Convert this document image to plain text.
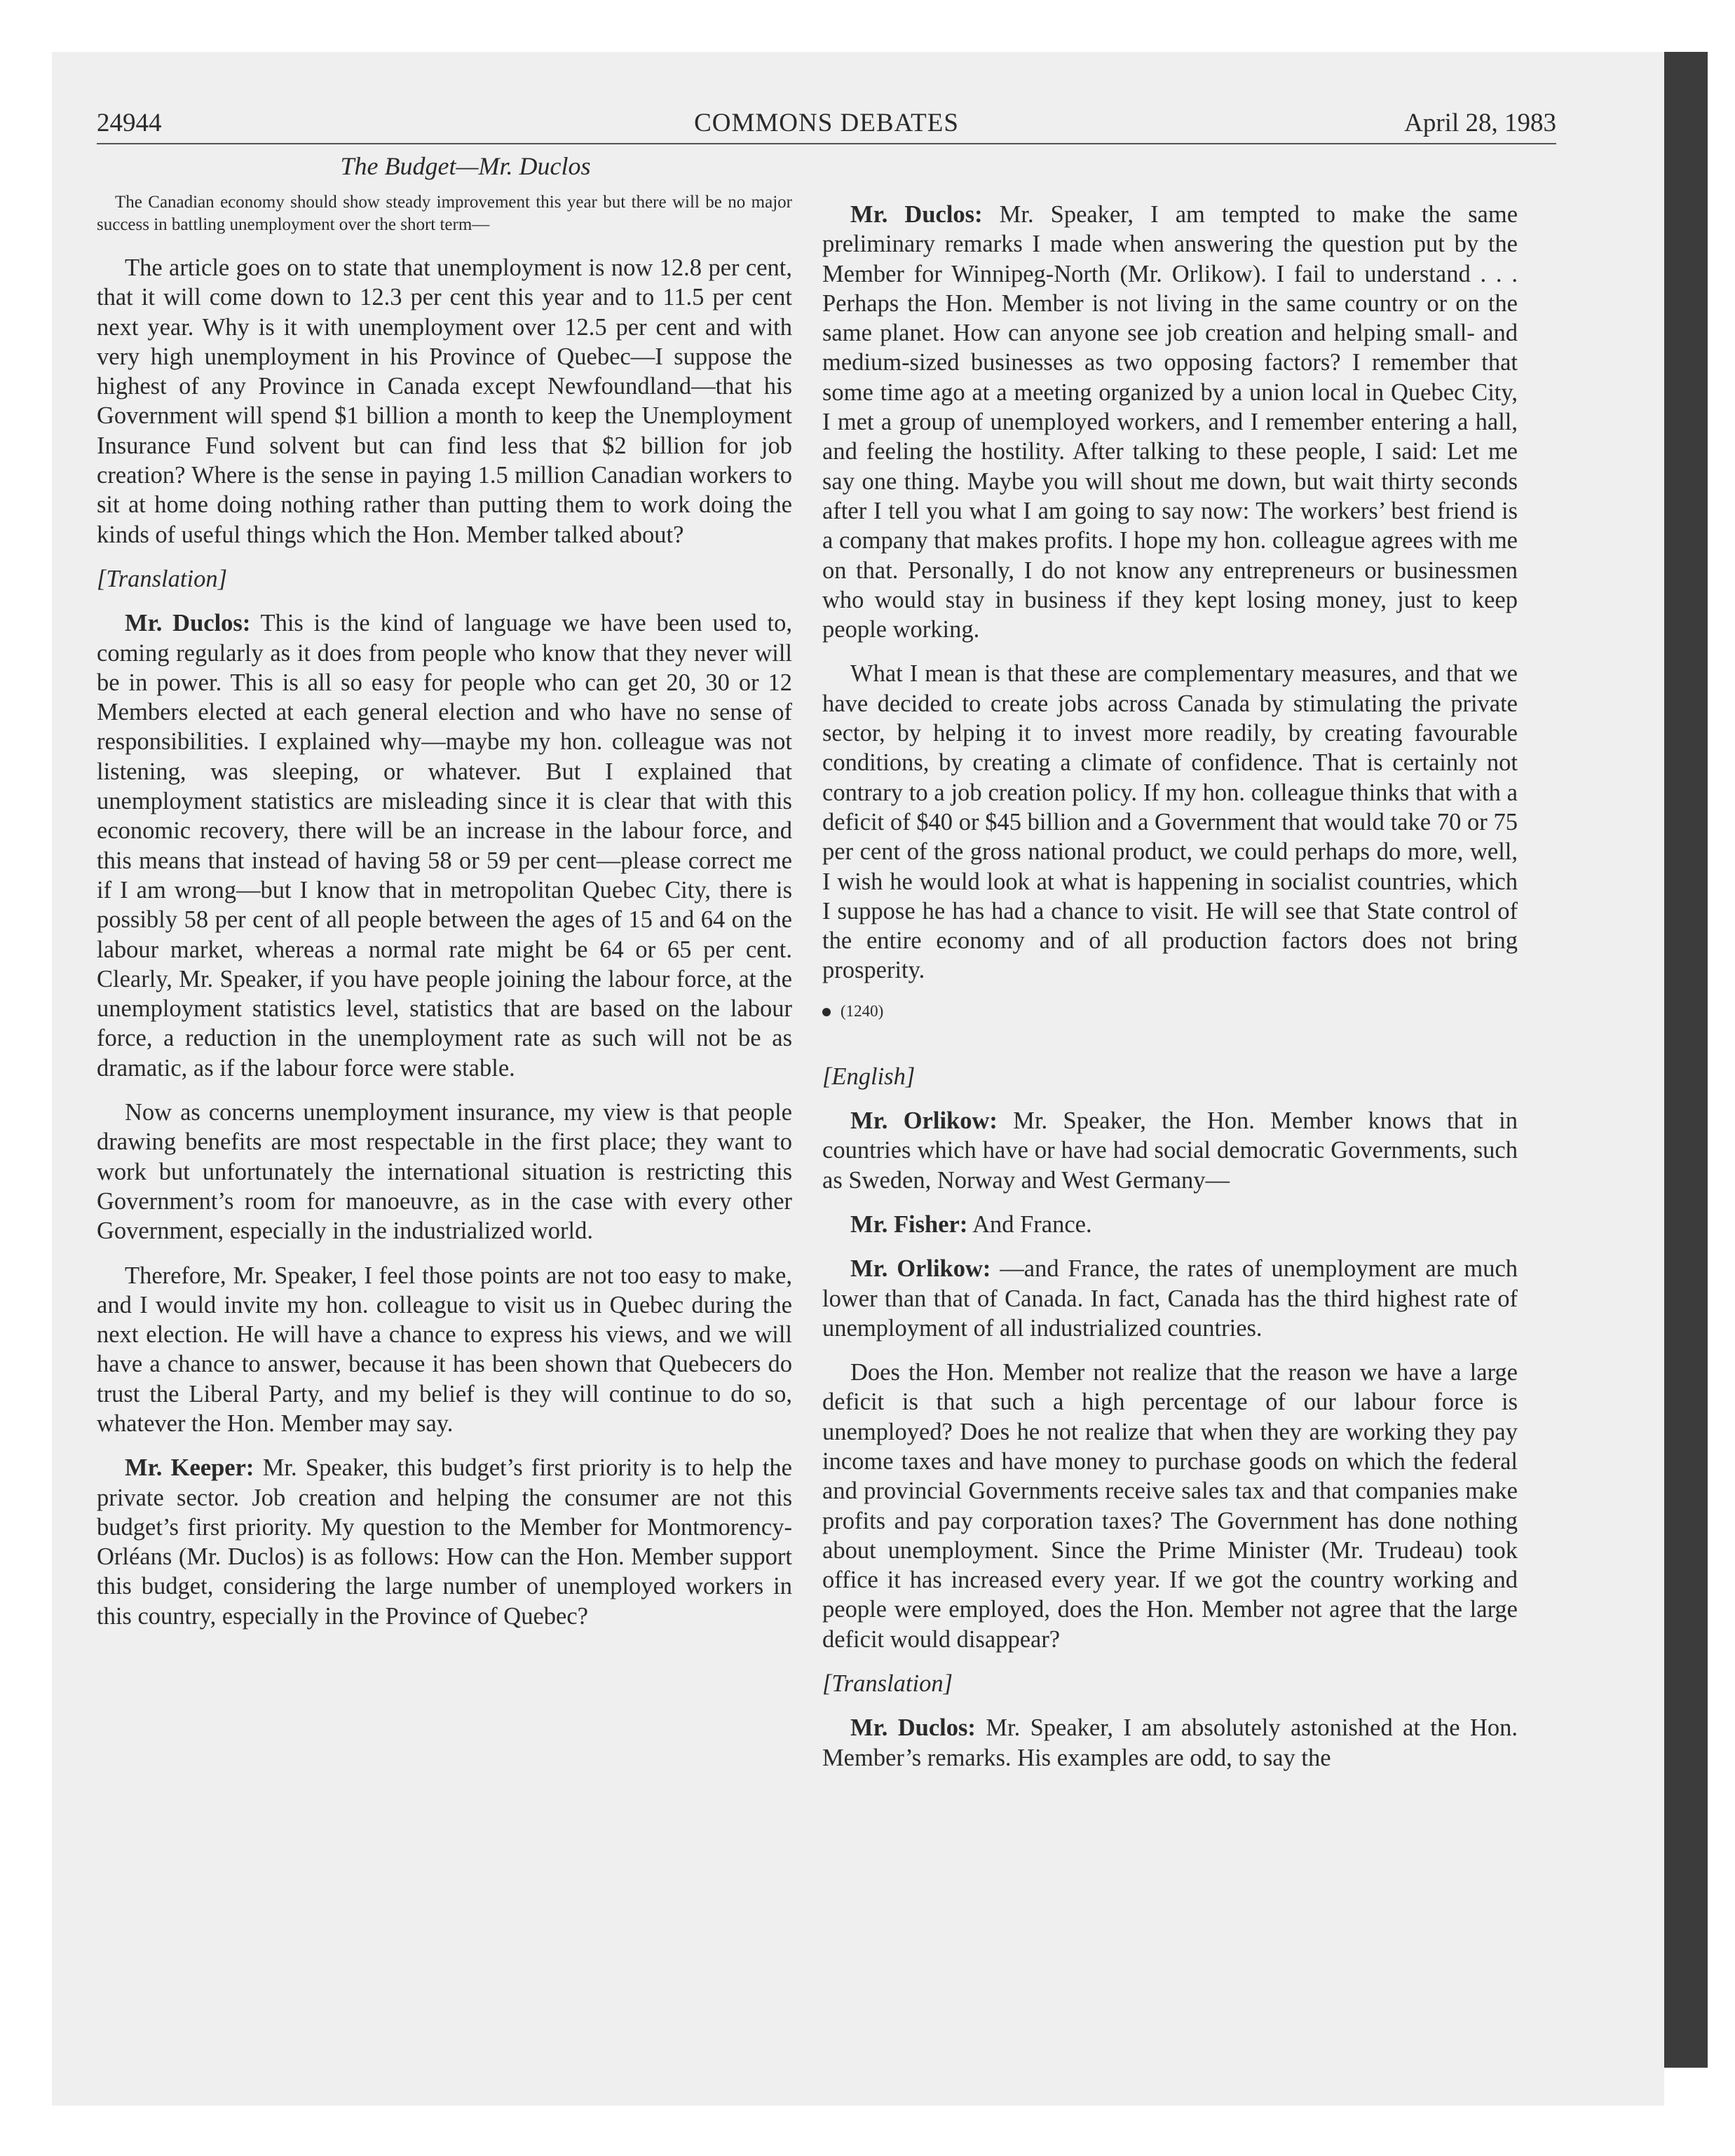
24944	COMMONS DEBATES	April 28, 1983
The Budget—Mr. Duclos
The Canadian economy should show steady improvement this year but there will be no major success in battling unemployment over the short term—

The article goes on to state that unemployment is now 12.8 per cent, that it will come down to 12.3 per cent this year and to 11.5 per cent next year. Why is it with unemployment over 12.5 per cent and with very high unemployment in his Province of Quebec—I suppose the highest of any Province in Canada except Newfoundland—that his Government will spend $1 billion a month to keep the Unemployment Insurance Fund solvent but can find less that $2 billion for job creation? Where is the sense in paying 1.5 million Canadian workers to sit at home doing nothing rather than putting them to work doing the kinds of useful things which the Hon. Member talked about?

[Translation]

Mr. Duclos: This is the kind of language we have been used to, coming regularly as it does from people who know that they never will be in power. This is all so easy for people who can get 20, 30 or 12 Members elected at each general election and who have no sense of responsibilities. I explained why—maybe my hon. colleague was not listening, was sleeping, or whatever. But I explained that unemployment statistics are misleading since it is clear that with this economic recovery, there will be an increase in the labour force, and this means that instead of having 58 or 59 per cent—please correct me if I am wrong—but I know that in metropolitan Quebec City, there is possibly 58 per cent of all people between the ages of 15 and 64 on the labour market, whereas a normal rate might be 64 or 65 per cent. Clearly, Mr. Speaker, if you have people joining the labour force, at the unemployment statistics level, statistics that are based on the labour force, a reduction in the unemployment rate as such will not be as dramatic, as if the labour force were stable.

Now as concerns unemployment insurance, my view is that people drawing benefits are most respectable in the first place; they want to work but unfortunately the international situation is restricting this Government’s room for manoeuvre, as in the case with every other Government, especially in the industrialized world.

Therefore, Mr. Speaker, I feel those points are not too easy to make, and I would invite my hon. colleague to visit us in Quebec during the next election. He will have a chance to express his views, and we will have a chance to answer, because it has been shown that Quebecers do trust the Liberal Party, and my belief is they will continue to do so, whatever the Hon. Member may say.

Mr. Keeper: Mr. Speaker, this budget’s first priority is to help the private sector. Job creation and helping the consumer are not this budget’s first priority. My question to the Member for Montmorency-Orléans (Mr. Duclos) is as follows: How can the Hon. Member support this budget, considering the large number of unemployed workers in this country, especially in the Province of Quebec?

Mr. Duclos: Mr. Speaker, I am tempted to make the same preliminary remarks I made when answering the question put by the Member for Winnipeg-North (Mr. Orlikow). I fail to understand . . . Perhaps the Hon. Member is not living in the same country or on the same planet. How can anyone see job creation and helping small- and medium-sized businesses as two opposing factors? I remember that some time ago at a meeting organized by a union local in Quebec City, I met a group of unemployed workers, and I remember entering a hall, and feeling the hostility. After talking to these people, I said: Let me say one thing. Maybe you will shout me down, but wait thirty seconds after I tell you what I am going to say now: The workers’ best friend is a company that makes profits. I hope my hon. colleague agrees with me on that. Personally, I do not know any entrepreneurs or businessmen who would stay in business if they kept losing money, just to keep people working.

What I mean is that these are complementary measures, and that we have decided to create jobs across Canada by stimulating the private sector, by helping it to invest more readily, by creating favourable conditions, by creating a climate of confidence. That is certainly not contrary to a job creation policy. If my hon. colleague thinks that with a deficit of $40 or $45 billion and a Government that would take 70 or 75 per cent of the gross national product, we could perhaps do more, well, I wish he would look at what is happening in socialist countries, which I suppose he has had a chance to visit. He will see that State control of the entire economy and of all production factors does not bring prosperity.

(1240)

[English]

Mr. Orlikow: Mr. Speaker, the Hon. Member knows that in countries which have or have had social democratic Governments, such as Sweden, Norway and West Germany—

Mr. Fisher: And France.

Mr. Orlikow: —and France, the rates of unemployment are much lower than that of Canada. In fact, Canada has the third highest rate of unemployment of all industrialized countries.

Does the Hon. Member not realize that the reason we have a large deficit is that such a high percentage of our labour force is unemployed? Does he not realize that when they are working they pay income taxes and have money to purchase goods on which the federal and provincial Governments receive sales tax and that companies make profits and pay corporation taxes? The Government has done nothing about unemployment. Since the Prime Minister (Mr. Trudeau) took office it has increased every year. If we got the country working and people were employed, does the Hon. Member not agree that the large deficit would disappear?

[Translation]

Mr. Duclos: Mr. Speaker, I am absolutely astonished at the Hon. Member’s remarks. His examples are odd, to say the
